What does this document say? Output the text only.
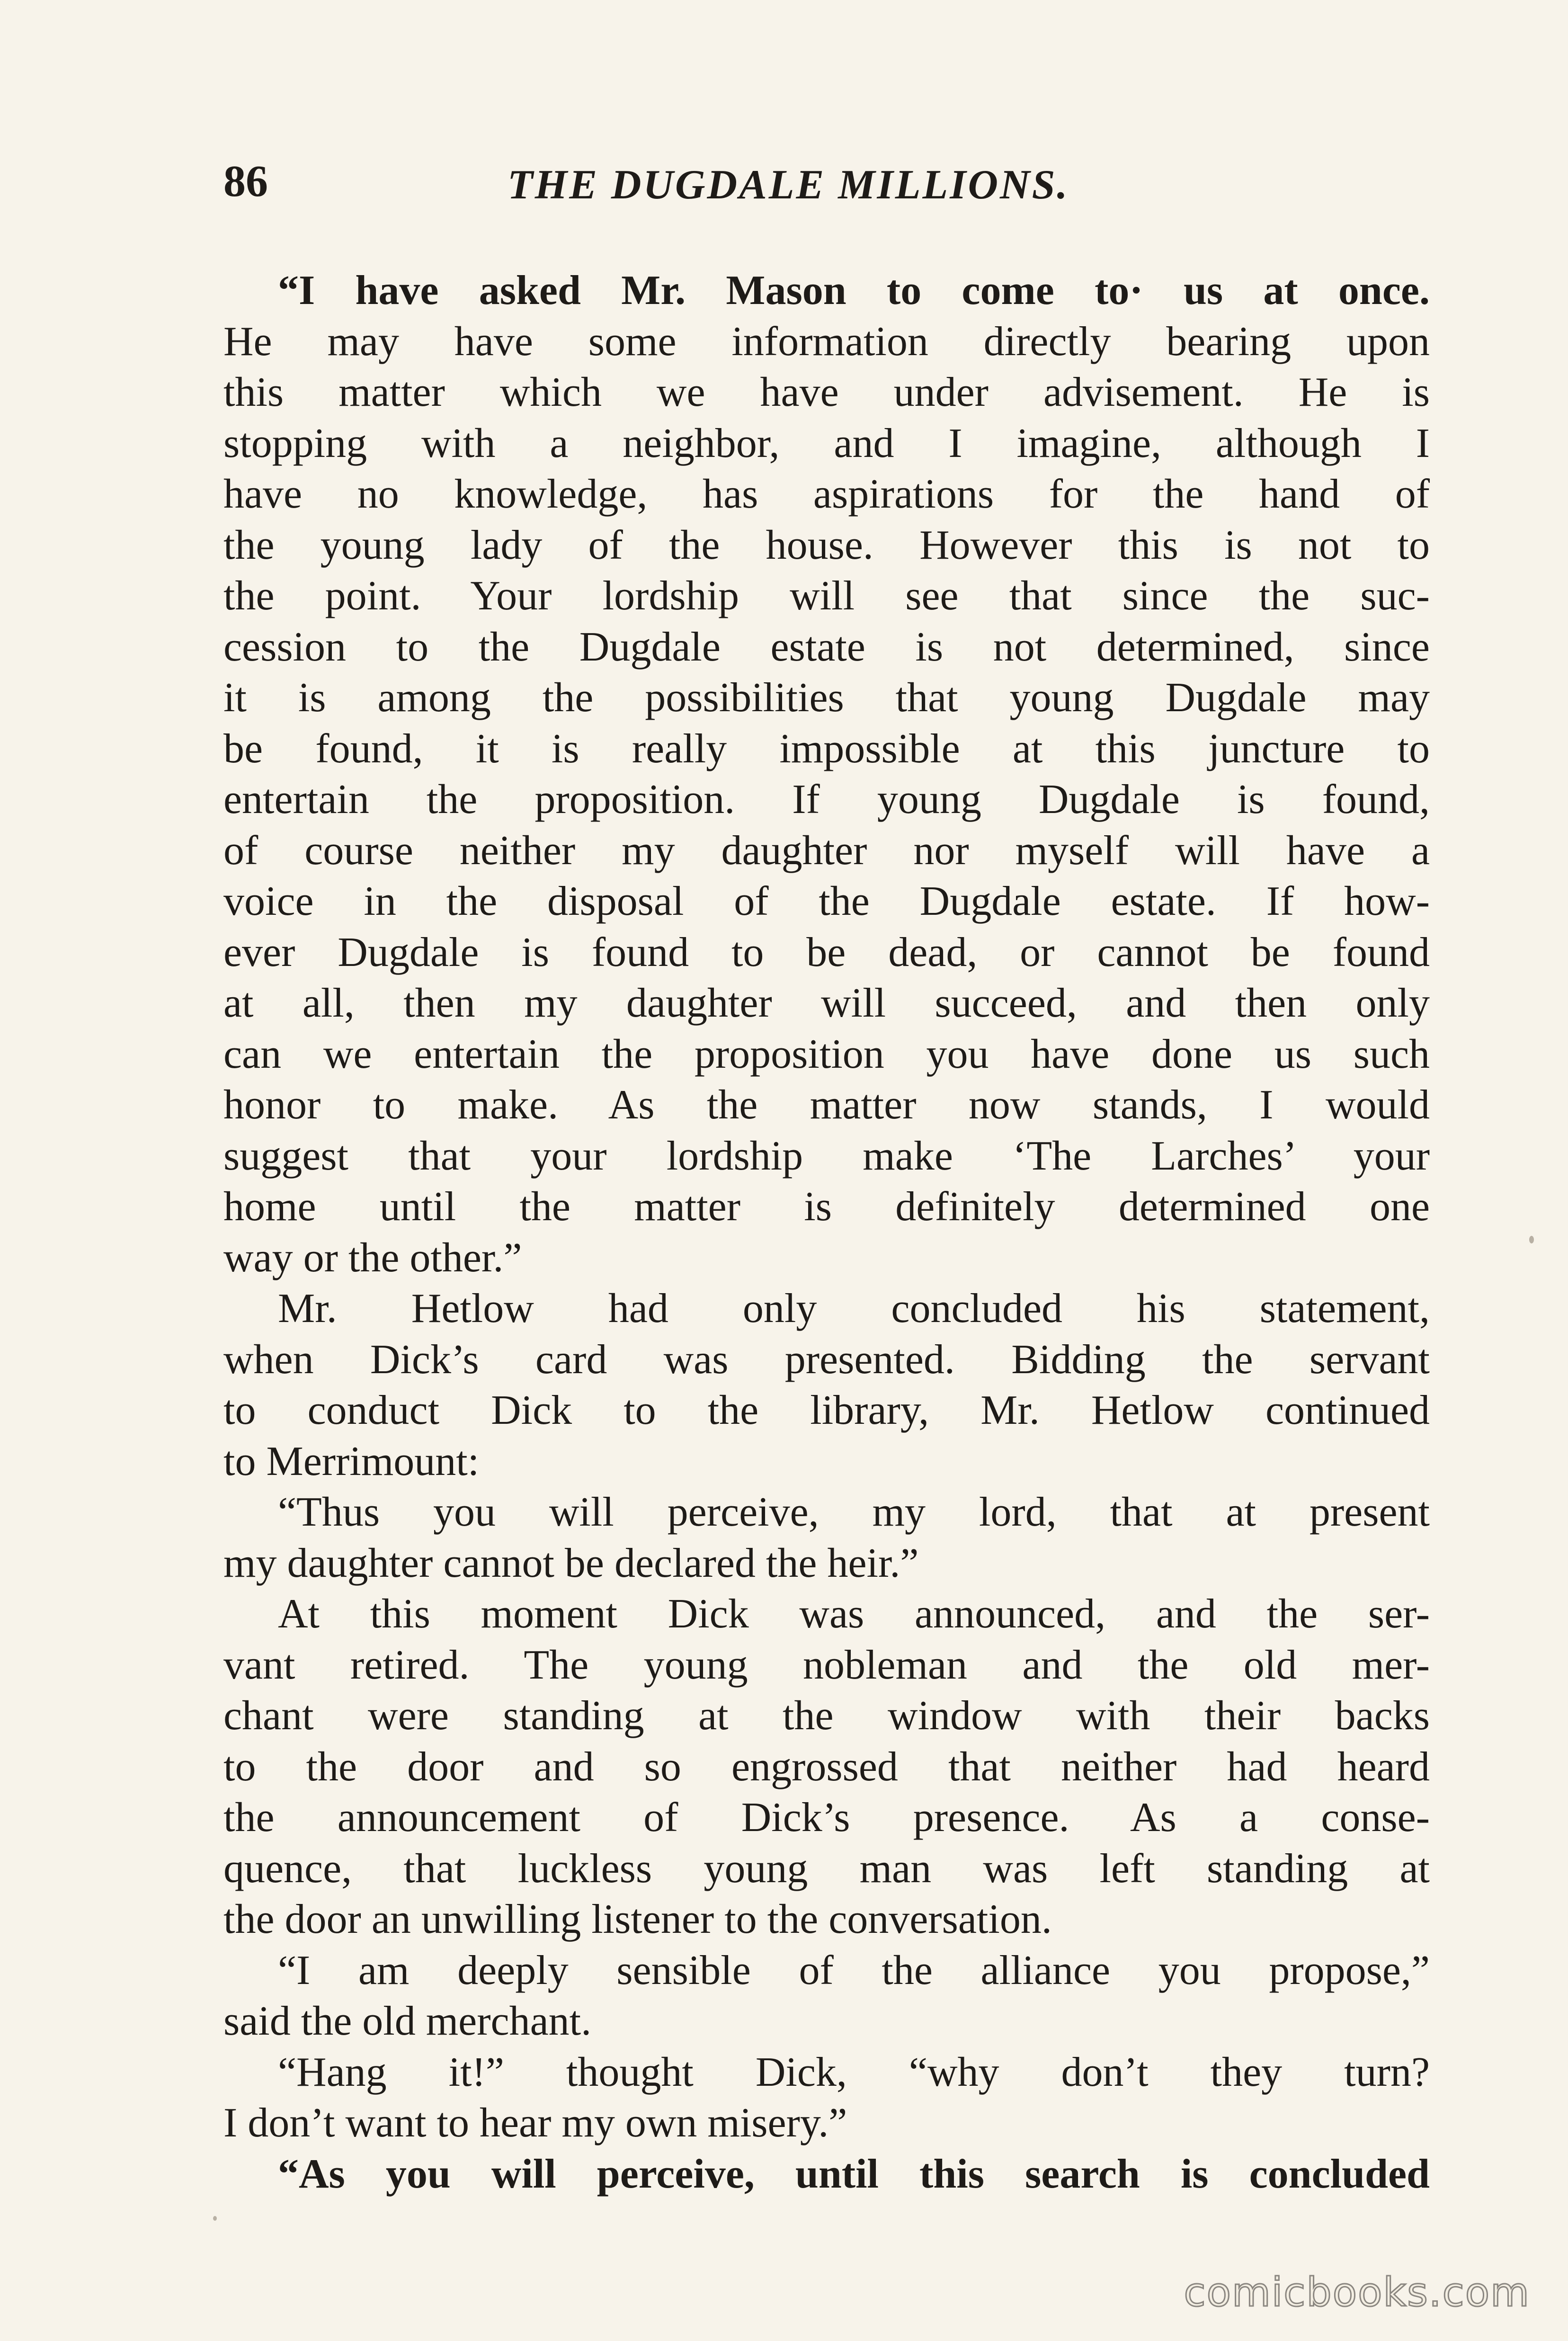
86	THE DUGDALE MILLIONS.
“I have asked Mr. Mason to come to· us at once.
He may have some information directly bearing upon
this matter which we have under advisement. He is
stopping with a neighbor, and I imagine, although I
have no knowledge, has aspirations for the hand of
the young lady of the house. However this is not to
the point. Your lordship will see that since the suc-
cession to the Dugdale estate is not determined, since
it is among the possibilities that young Dugdale may
be found, it is really impossible at this juncture to
entertain the proposition. If young Dugdale is found,
of course neither my daughter nor myself will have a
voice in the disposal of the Dugdale estate. If how-
ever Dugdale is found to be dead, or cannot be found
at all, then my daughter will succeed, and then only
can we entertain the proposition you have done us such
honor to make. As the matter now stands, I would
suggest that your lordship make ‘The Larches’ your
home until the matter is definitely determined one
way or the other.”
Mr. Hetlow had only concluded his statement,
when Dick’s card was presented. Bidding the servant
to conduct Dick to the library, Mr. Hetlow continued
to Merrimount:
“Thus you will perceive, my lord, that at present
my daughter cannot be declared the heir.”
At this moment Dick was announced, and the ser-
vant retired. The young nobleman and the old mer-
chant were standing at the window with their backs
to the door and so engrossed that neither had heard
the announcement of Dick’s presence. As a conse-
quence, that luckless young man was left standing at
the door an unwilling listener to the conversation.
“I am deeply sensible of the alliance you propose,”
said the old merchant.
“Hang it!” thought Dick, “why don’t they turn?
I don’t want to hear my own misery.”
“As you will perceive, until this search is concluded
comicbooks.com
